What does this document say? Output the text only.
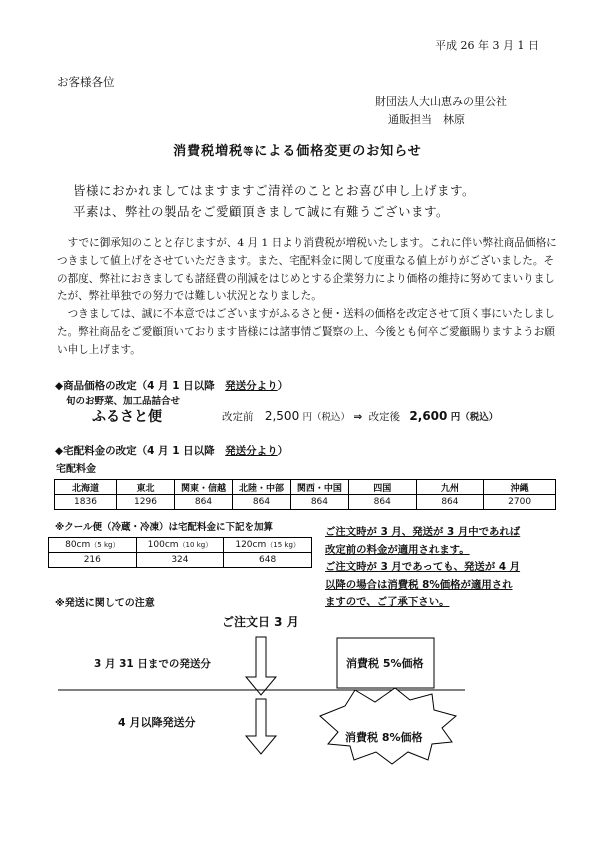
平成 26 年 3 月 1 日
お客様各位
財団法人大山恵みの里公社
通販担当　林原
消費税増税等による価格変更のお知らせ
皆様におかれましてはますますご清祥のこととお喜び申し上げます。
平素は、弊社の製品をご愛顧頂きまして誠に有難うございます。

すでに御承知のことと存じますが、4 月 1 日より消費税が増税いたします。これに伴い弊社商品価格につきまして値上げをさせていただきます。また、宅配料金に関して度重なる値上がりがございました。その都度、弊社におきましても諸経費の削減をはじめとする企業努力により価格の維持に努めてまいりましたが、弊社単独での努力では難しい状況となりました。

つきましては、誠に不本意ではございますがふるさと便・送料の価格を改定させて頂く事にいたしました。弊社商品をご愛顧頂いております皆様には諸事情ご賢察の上、今後とも何卒ご愛顧賜りますようお願い申し上げます。

◆商品価格の改定（4 月 1 日以降　発送分より）
旬のお野菜、加工品詰合せ
ふるさと便	改定前 2,500 円（税込） ⇒ 改定後 2,600 円（税込）
◆宅配料金の改定（4 月 1 日以降　発送分より）
宅配料金
北海道	東北	関東・信越	北陸・中部	関西・中国	四国	九州	沖縄
1836	1296	864	864	864	864	864	2700
※クール便（冷蔵・冷凍）は宅配料金に下記を加算
80cm（5 kg）	100cm（10 kg）	120cm（15 kg）
216	324	648
ご注文時が 3 月、発送が 3 月中であれば
改定前の料金が適用されます。
ご注文時が 3 月であっても、発送が 4 月
以降の場合は消費税 8%価格が適用され
ますので、ご了承下さい。
※発送に関しての注意
ご注文日 3 月
3 月 31 日までの発送分
4 月以降発送分
消費税 5%価格
消費税 8%価格
